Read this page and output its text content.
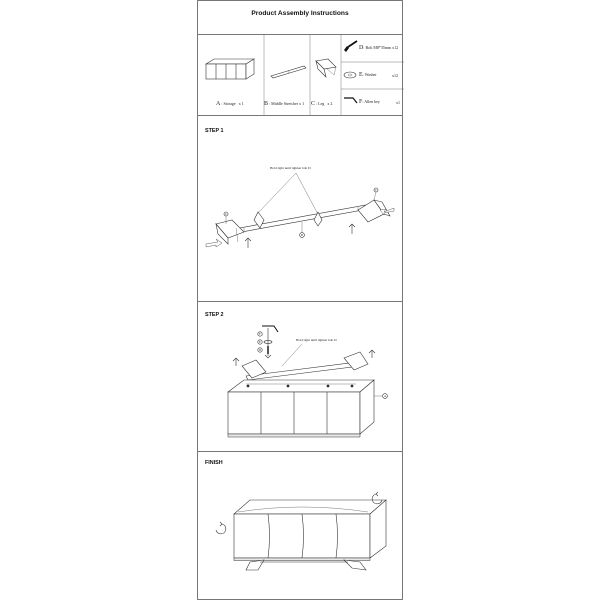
Product Assembly Instructions
A : Storage x 1	B : Middle Stretcher x 1 C : Leg x 2
D: Bolt M8*35mm x12
E: Washer	x12
F: Allen key	x1
STEP 1
Hold tight until tighten bolt D
B
C
C
STEP 2
Hold tight until tighten bolt D
A
F
E
D
FINISH
